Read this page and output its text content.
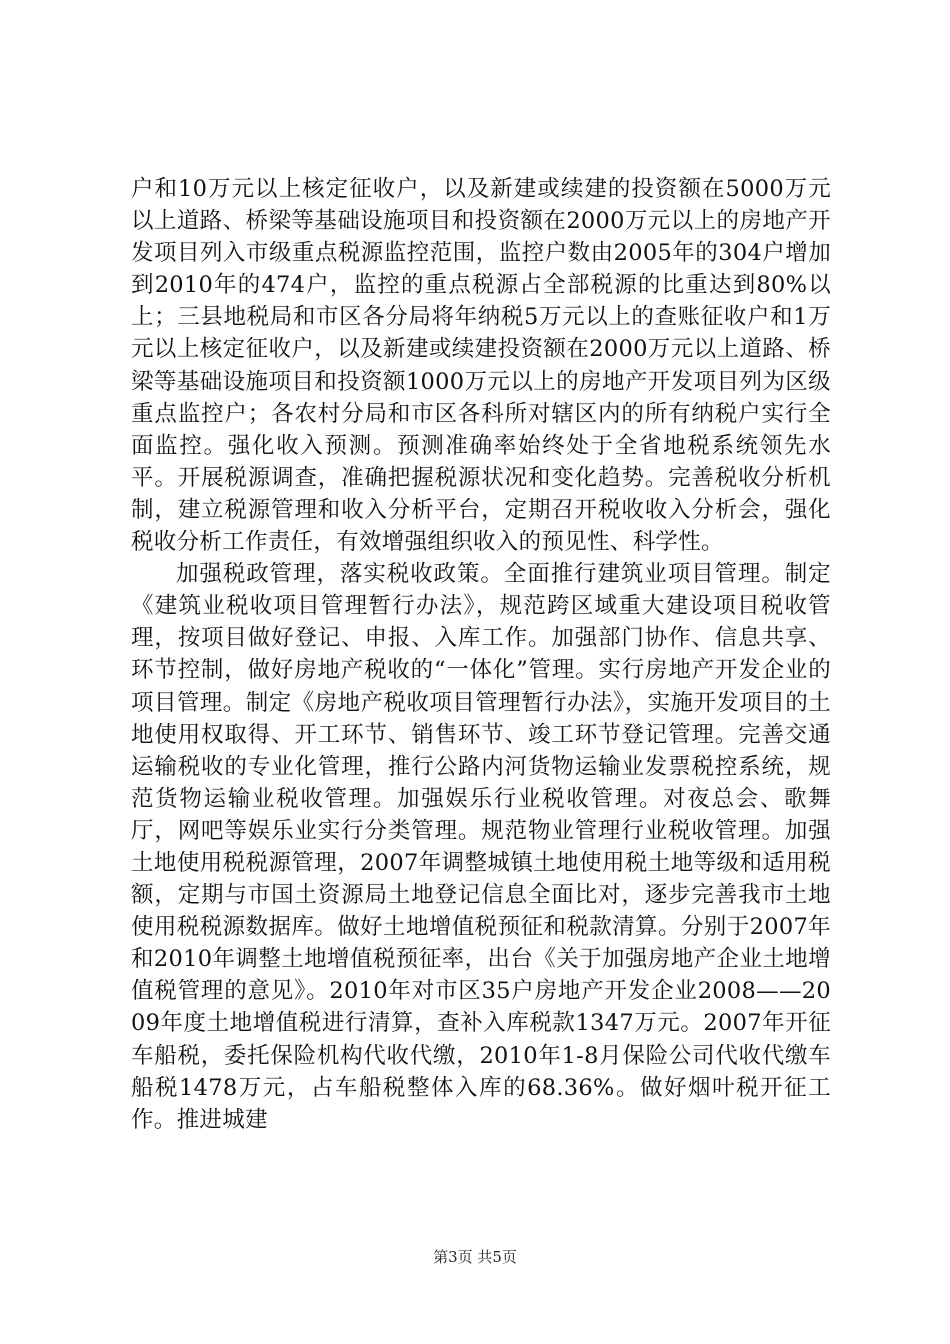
户和10万元以上核定征收户，以及新建或续建的投资额在5000万元以上道路、桥梁等基础设施项目和投资额在2000万元以上的房地产开发项目列入市级重点税源监控范围，监控户数由2005年的304户增加到2010年的474户，监控的重点税源占全部税源的比重达到80%以上；三县地税局和市区各分局将年纳税5万元以上的查账征收户和1万元以上核定征收户，以及新建或续建投资额在2000万元以上道路、桥梁等基础设施项目和投资额1000万元以上的房地产开发项目列为区级重点监控户；各农村分局和市区各科所对辖区内的所有纳税户实行全面监控。强化收入预测。预测准确率始终处于全省地税系统领先水平。开展税源调查，准确把握税源状况和变化趋势。完善税收分析机制，建立税源管理和收入分析平台，定期召开税收收入分析会，强化税收分析工作责任，有效增强组织收入的预见性、科学性。

加强税政管理，落实税收政策。全面推行建筑业项目管理。制定《建筑业税收项目管理暂行办法》，规范跨区域重大建设项目税收管理，按项目做好登记、申报、入库工作。加强部门协作、信息共享、环节控制，做好房地产税收的“一体化”管理。实行房地产开发企业的项目管理。制定《房地产税收项目管理暂行办法》，实施开发项目的土地使用权取得、开工环节、销售环节、竣工环节登记管理。完善交通运输税收的专业化管理，推行公路内河货物运输业发票税控系统，规范货物运输业税收管理。加强娱乐行业税收管理。对夜总会、歌舞厅，网吧等娱乐业实行分类管理。规范物业管理行业税收管理。加强土地使用税税源管理，2007年调整城镇土地使用税土地等级和适用税额，定期与市国土资源局土地登记信息全面比对，逐步完善我市土地使用税税源数据库。做好土地增值税预征和税款清算。分别于2007年和2010年调整土地增值税预征率，出台《关于加强房地产企业土地增值税管理的意见》。2010年对市区35户房地产开发企业2008——2009年度土地增值税进行清算，查补入库税款1347万元。2007年开征车船税，委托保险机构代收代缴，2010年1-8月保险公司代收代缴车船税1478万元，占车船税整体入库的68.36%。做好烟叶税开征工作。推进城建

第3页 共5页
